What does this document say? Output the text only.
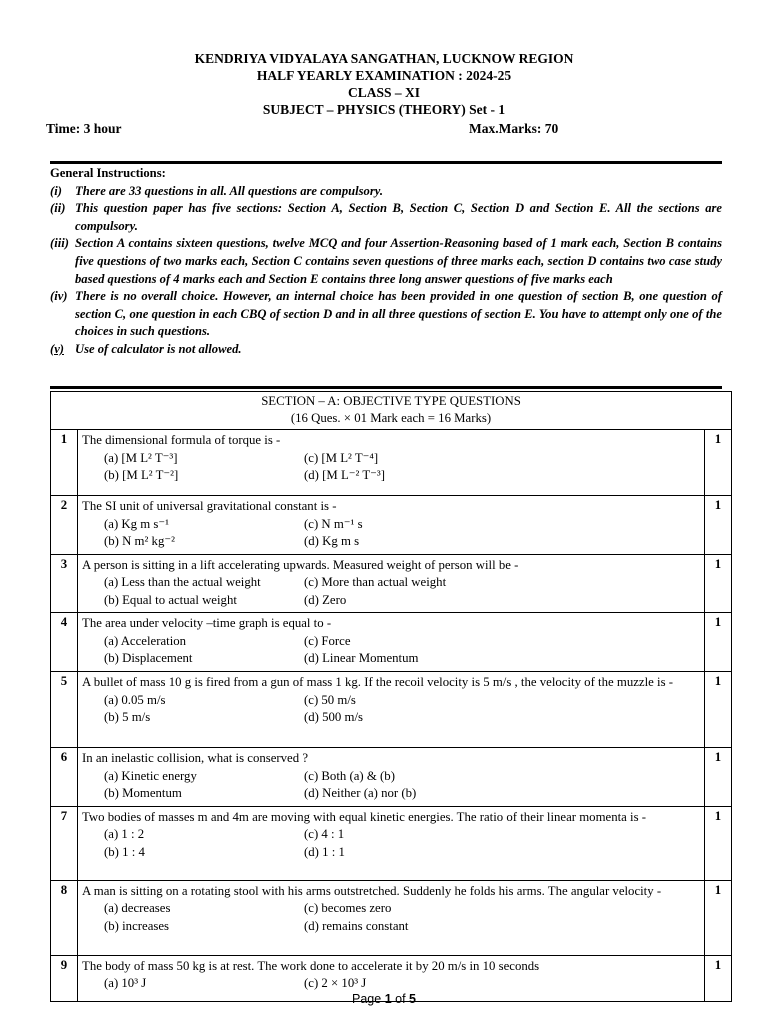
KENDRIYA VIDYALAYA SANGATHAN, LUCKNOW REGION
HALF YEARLY EXAMINATION : 2024-25
CLASS – XI
SUBJECT – PHYSICS (THEORY) Set - 1
Time: 3 hour	Max.Marks: 70
General Instructions:
(i)	There are 33 questions in all. All questions are compulsory.
(ii) This question paper has five sections: Section A, Section B, Section C, Section D and Section E. All the sections are compulsory.
(iii) Section A contains sixteen questions, twelve MCQ and four Assertion-Reasoning based of 1 mark each, Section B contains five questions of two marks each, Section C contains seven questions of three marks each, section D contains two case study based questions of 4 marks each and Section E contains three long answer questions of five marks each
(iv) There is no overall choice. However, an internal choice has been provided in one question of section B, one question of section C, one question in each CBQ of section D and in all three questions of section E. You have to attempt only one of the choices in such questions.
(v) Use of calculator is not allowed.
SECTION – A: OBJECTIVE TYPE QUESTIONS
(16 Ques. × 01 Mark each = 16 Marks)		

1	The dimensional formula of torque is -
(a) [M L² T⁻³] (c) [M L² T⁻⁴]
(b) [M L² T⁻²] (d) [M L⁻² T⁻³]	1
2	The SI unit of universal gravitational constant is -
(a) Kg m s⁻¹ (c) N m⁻¹ s
(b) N m² kg⁻² (d) Kg m s	1
3	A person is sitting in a lift accelerating upwards. Measured weight of person will be -
(a) Less than the actual weight (c) More than actual weight
(b) Equal to actual weight (d) Zero	1
4	The area under velocity –time graph is equal to -
(a) Acceleration (c) Force
(b) Displacement (d) Linear Momentum	1
5	A bullet of mass 10 g is fired from a gun of mass 1 kg. If the recoil velocity is 5 m/s , the velocity of the muzzle is -
(a) 0.05 m/s (c) 50 m/s
(b) 5 m/s (d) 500 m/s	1
6	In an inelastic collision, what is conserved ?
(a) Kinetic energy (c) Both (a) & (b)
(b) Momentum (d) Neither (a) nor (b)	1
7	Two bodies of masses m and 4m are moving with equal kinetic energies. The ratio of their linear momenta is -
(a) 1 : 2 (c) 4 : 1
(b) 1 : 4 (d) 1 : 1	1
8	A man is sitting on a rotating stool with his arms outstretched. Suddenly he folds his arms. The angular velocity -
(a) decreases (c) becomes zero
(b) increases (d) remains constant	1
9	The body of mass 50 kg is at rest. The work done to accelerate it by 20 m/s in 10 seconds
(a) 10³ J (c) 2 × 10³ J	1
Page 1 of 5
